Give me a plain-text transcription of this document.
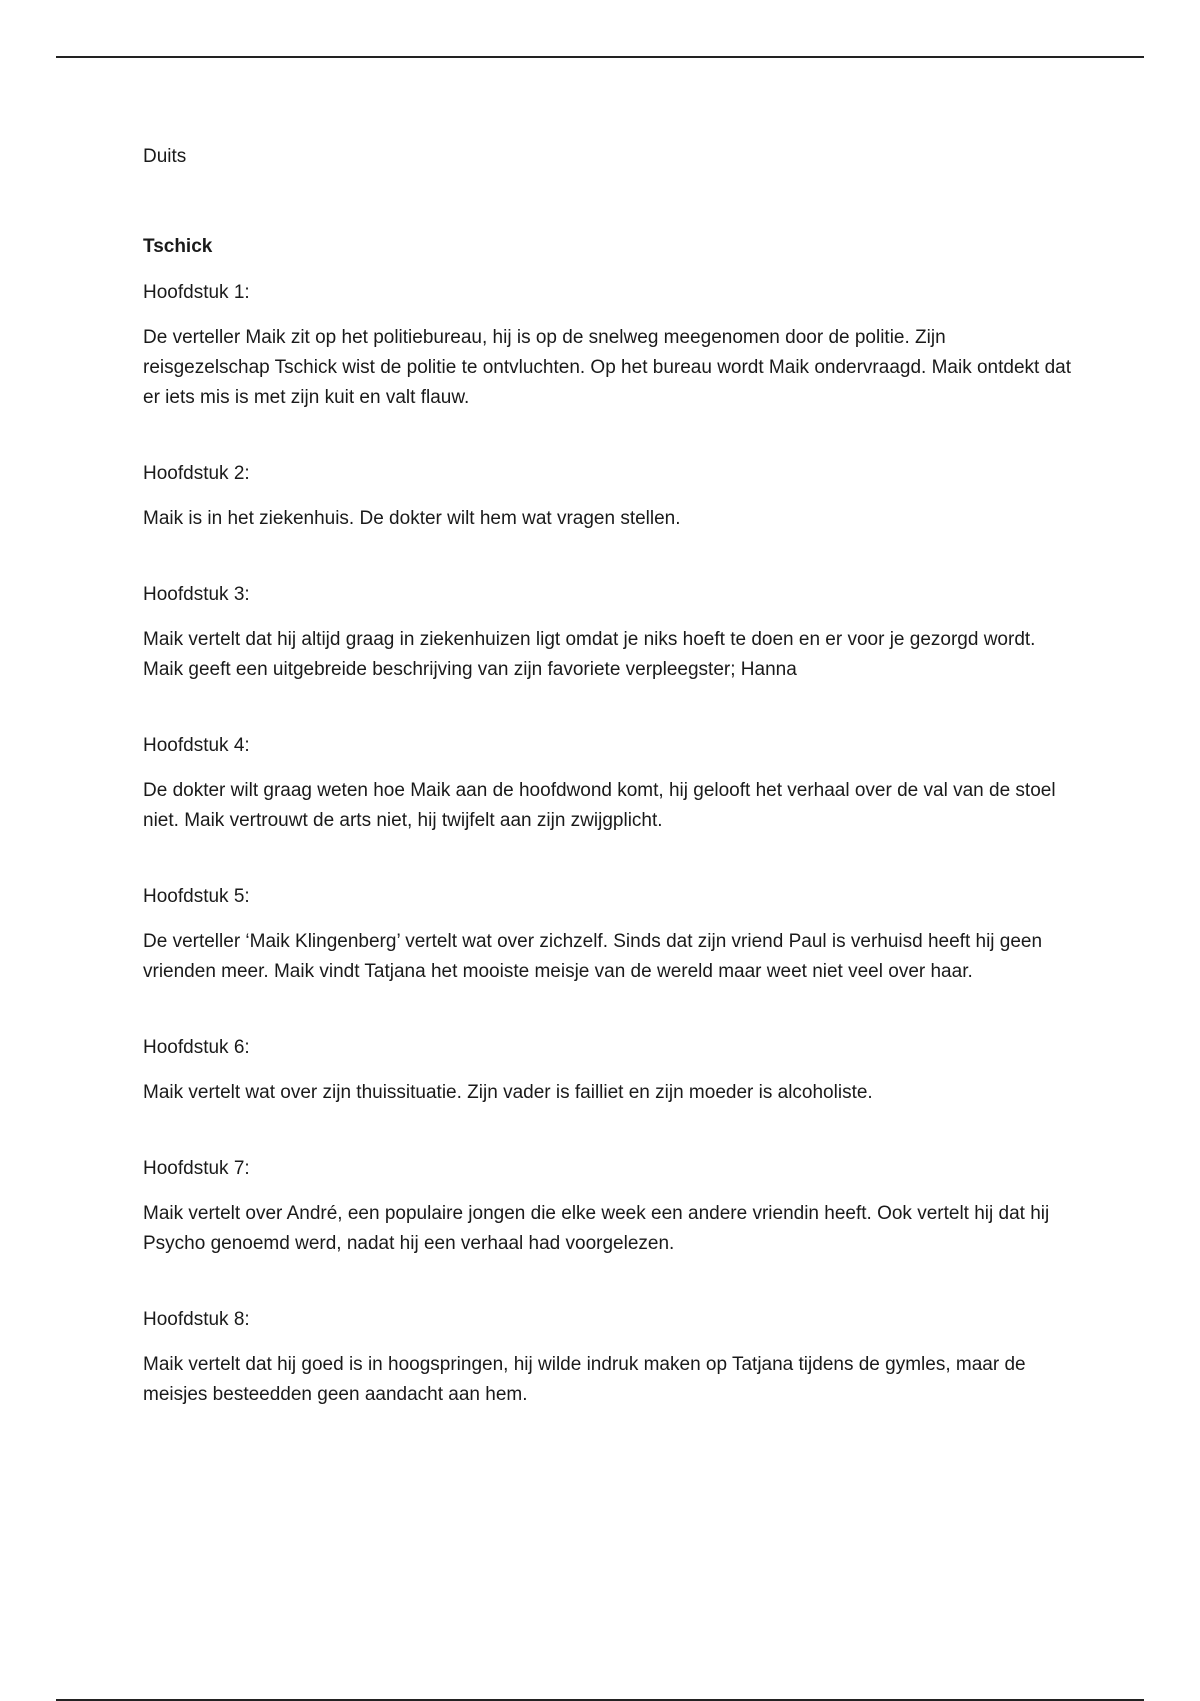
Duits

Tschick
Hoofdstuk 1:

De verteller Maik zit op het politiebureau, hij is op de snelweg meegenomen door de politie. Zijn reisgezelschap Tschick wist de politie te ontvluchten. Op het bureau wordt Maik ondervraagd. Maik ontdekt dat er iets mis is met zijn kuit en valt flauw.

Hoofdstuk 2:

Maik is in het ziekenhuis. De dokter wilt hem wat vragen stellen.

Hoofdstuk 3:

Maik vertelt dat hij altijd graag in ziekenhuizen ligt omdat je niks hoeft te doen en er voor je gezorgd wordt. Maik geeft een uitgebreide beschrijving van zijn favoriete verpleegster; Hanna

Hoofdstuk 4:

De dokter wilt graag weten hoe Maik aan de hoofdwond komt, hij gelooft het verhaal over de val van de stoel niet. Maik vertrouwt de arts niet, hij twijfelt aan zijn zwijgplicht.

Hoofdstuk 5:

De verteller ‘Maik Klingenberg’ vertelt wat over zichzelf. Sinds dat zijn vriend Paul is verhuisd heeft hij geen vrienden meer. Maik vindt Tatjana het mooiste meisje van de wereld maar weet niet veel over haar.

Hoofdstuk 6:

Maik vertelt wat over zijn thuissituatie. Zijn vader is failliet en zijn moeder is alcoholiste.

Hoofdstuk 7:

Maik vertelt over André, een populaire jongen die elke week een andere vriendin heeft. Ook vertelt hij dat hij Psycho genoemd werd, nadat hij een verhaal had voorgelezen.

Hoofdstuk 8:

Maik vertelt dat hij goed is in hoogspringen, hij wilde indruk maken op Tatjana tijdens de gymles, maar de meisjes besteedden geen aandacht aan hem.
